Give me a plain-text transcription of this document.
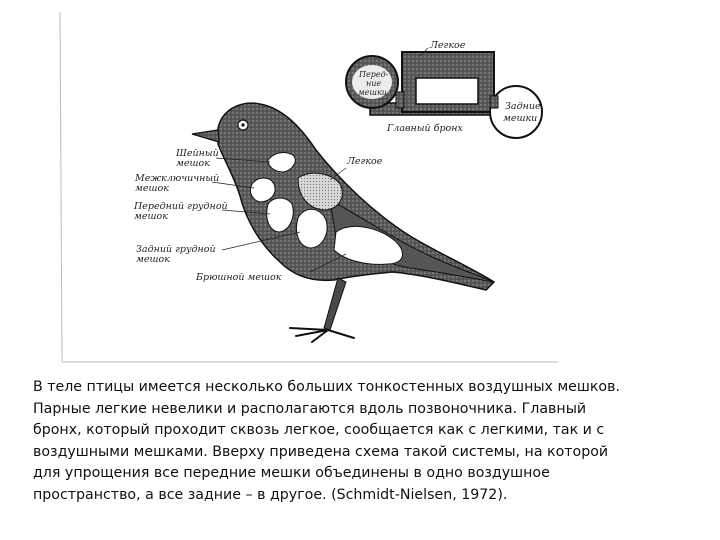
Легкое
Перед-
ние
мешки
Задние
мешки
Главный бронх
Шейный
мешок
Межключичный
мешок
Передний грудной
мешок
Задний грудной
мешок
Легкое
Брюшной мешок

В теле птицы имеется несколько больших тонкостенных воздушных мешков.
Парные легкие невелики и располагаются вдоль позвоночника. Главный
бронх, который проходит сквозь легкое, сообщается как с легкими, так и с
воздушными мешками. Вверху приведена схема такой системы, на которой
для упрощения все передние мешки объединены в одно воздушное
пространство, а все задние – в другое. (Schmidt-Nielsen, 1972).
